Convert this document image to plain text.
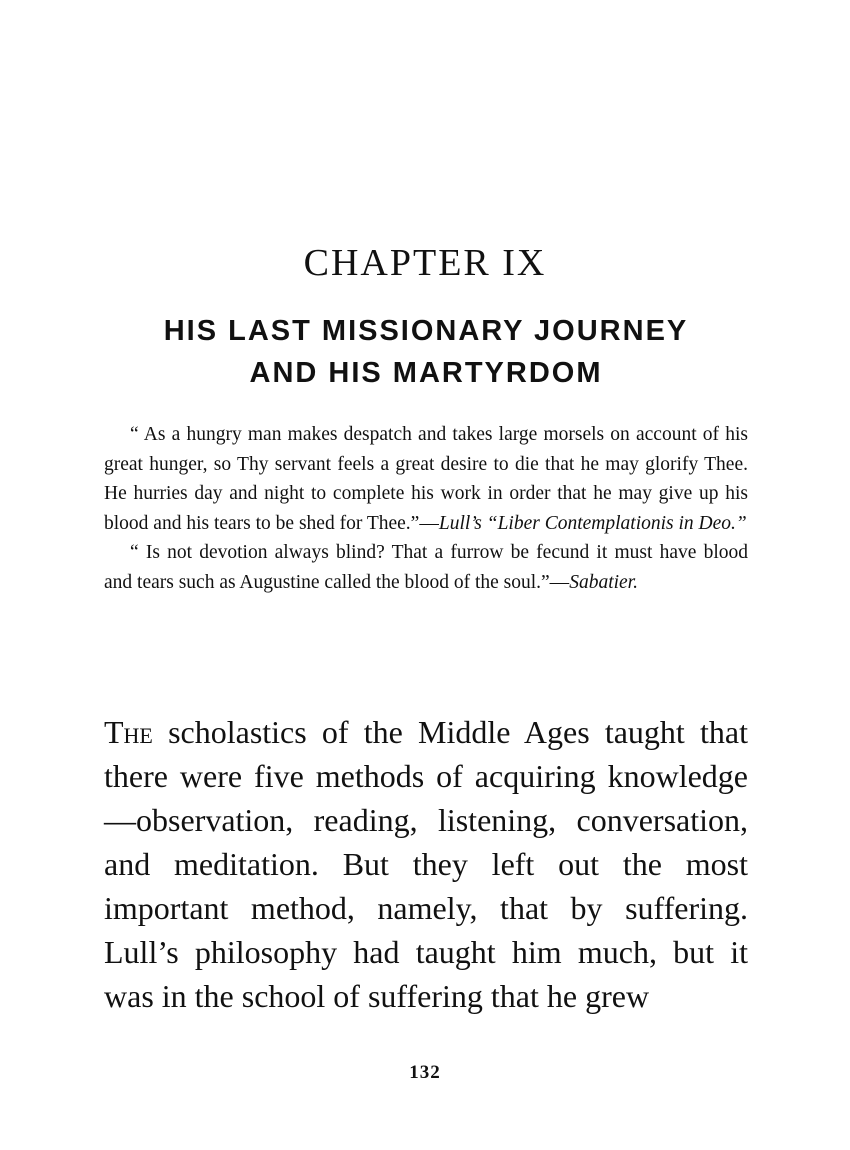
CHAPTER IX
HIS LAST MISSIONARY JOURNEY
AND HIS MARTYRDOM

“ As a hungry man makes despatch and takes large morsels on account of his great hunger, so Thy servant feels a great desire to die that he may glorify Thee. He hurries day and night to complete his work in order that he may give up his blood and his tears to be shed for Thee.”—Lull’s “Liber Contemplationis in Deo.”

“ Is not devotion always blind? That a furrow be fecund it must have blood and tears such as Augustine called the blood of the soul.”—Sabatier.

The scholastics of the Middle Ages taught that there were five methods of acquiring knowledge—observation, reading, listening, conversation, and meditation. But they left out the most important method, namely, that by suffering. Lull’s philosophy had taught him much, but it was in the school of suffering that he grew

132
